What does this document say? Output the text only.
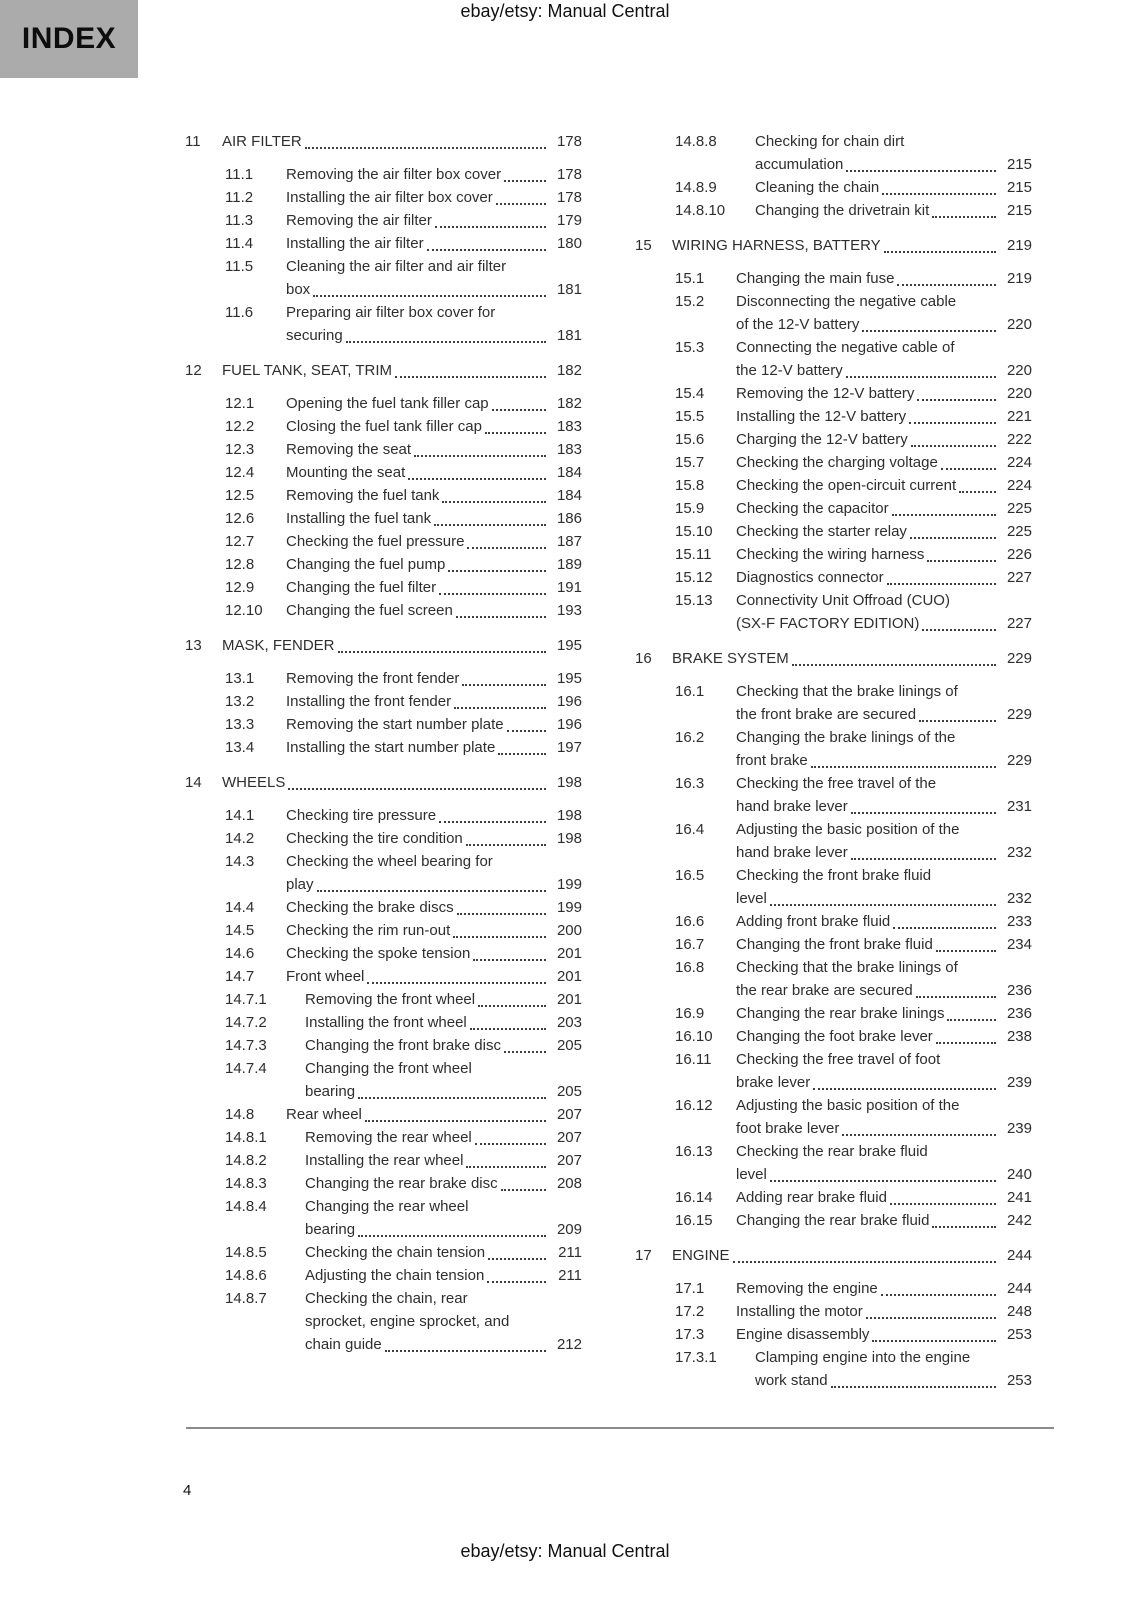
INDEX
ebay/etsy: Manual Central
11	AIR FILTER	178
11.1	Removing the air filter box cover	178
11.2	Installing the air filter box cover	178
11.3	Removing the air filter	179
11.4	Installing the air filter	180
11.5	Cleaning the air filter and air filter
box	181
11.6	Preparing air filter box cover for
securing	181
12	FUEL TANK, SEAT, TRIM	182
12.1	Opening the fuel tank filler cap	182
12.2	Closing the fuel tank filler cap	183
12.3	Removing the seat	183
12.4	Mounting the seat	184
12.5	Removing the fuel tank	184
12.6	Installing the fuel tank	186
12.7	Checking the fuel pressure	187
12.8	Changing the fuel pump	189
12.9	Changing the fuel filter	191
12.10	Changing the fuel screen	193
13	MASK, FENDER	195
13.1	Removing the front fender	195
13.2	Installing the front fender	196
13.3	Removing the start number plate	196
13.4	Installing the start number plate	197
14	WHEELS	198
14.1	Checking tire pressure	198
14.2	Checking the tire condition	198
14.3	Checking the wheel bearing for
play	199
14.4	Checking the brake discs	199
14.5	Checking the rim run-out	200
14.6	Checking the spoke tension	201
14.7	Front wheel	201
14.7.1	Removing the front wheel	201
14.7.2	Installing the front wheel	203
14.7.3	Changing the front brake disc	205
14.7.4	Changing the front wheel
bearing	205
14.8	Rear wheel	207
14.8.1	Removing the rear wheel	207
14.8.2	Installing the rear wheel	207
14.8.3	Changing the rear brake disc	208
14.8.4	Changing the rear wheel
bearing	209
14.8.5	Checking the chain tension	211
14.8.6	Adjusting the chain tension	211
14.8.7	Checking the chain, rear
sprocket, engine sprocket, and
chain guide	212
14.8.8	Checking for chain dirt
accumulation	215
14.8.9	Cleaning the chain	215
14.8.10	Changing the drivetrain kit	215
15	WIRING HARNESS, BATTERY	219
15.1	Changing the main fuse	219
15.2	Disconnecting the negative cable
of the 12-V battery	220
15.3	Connecting the negative cable of
the 12-V battery	220
15.4	Removing the 12-V battery	220
15.5	Installing the 12-V battery	221
15.6	Charging the 12-V battery	222
15.7	Checking the charging voltage	224
15.8	Checking the open-circuit current	224
15.9	Checking the capacitor	225
15.10	Checking the starter relay	225
15.11	Checking the wiring harness	226
15.12	Diagnostics connector	227
15.13	Connectivity Unit Offroad (CUO)
(SX-F FACTORY EDITION)	227
16	BRAKE SYSTEM	229
16.1	Checking that the brake linings of
the front brake are secured	229
16.2	Changing the brake linings of the
front brake	229
16.3	Checking the free travel of the
hand brake lever	231
16.4	Adjusting the basic position of the
hand brake lever	232
16.5	Checking the front brake fluid
level	232
16.6	Adding front brake fluid	233
16.7	Changing the front brake fluid	234
16.8	Checking that the brake linings of
the rear brake are secured	236
16.9	Changing the rear brake linings	236
16.10	Changing the foot brake lever	238
16.11	Checking the free travel of foot
brake lever	239
16.12	Adjusting the basic position of the
foot brake lever	239
16.13	Checking the rear brake fluid
level	240
16.14	Adding rear brake fluid	241
16.15	Changing the rear brake fluid	242
17	ENGINE	244
17.1	Removing the engine	244
17.2	Installing the motor	248
17.3	Engine disassembly	253
17.3.1	Clamping engine into the engine
work stand	253
4
ebay/etsy: Manual Central
